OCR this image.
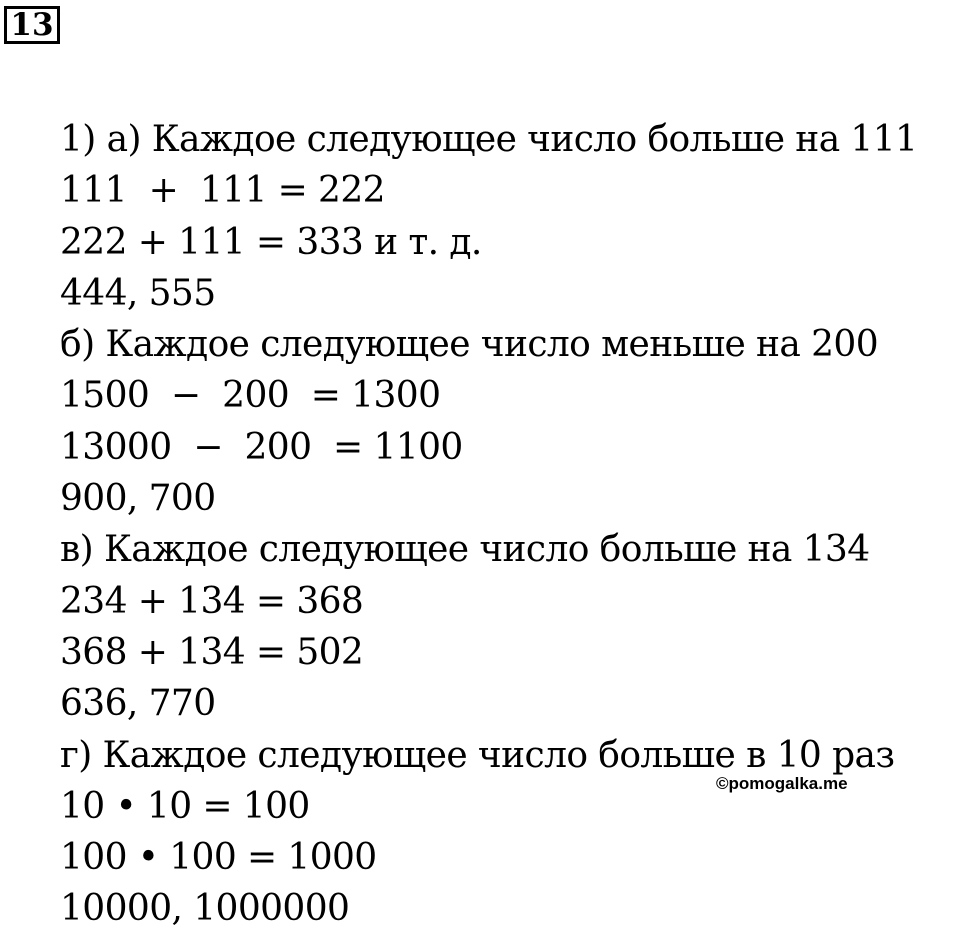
13
1) а) Каждое следующее число больше на 111
111  +  111 = 222
222 + 111 = 333 и т. д.
444, 555
б) Каждое следующее число меньше на 200
1500  −  200  = 1300
13000  −  200  = 1100
900, 700
в) Каждое следующее число больше на 134
234 + 134 = 368
368 + 134 = 502
636, 770
г) Каждое следующее число больше в 10 раз
10 • 10 = 100
100 • 100 = 1000
10000, 1000000
©pomogalka.me
